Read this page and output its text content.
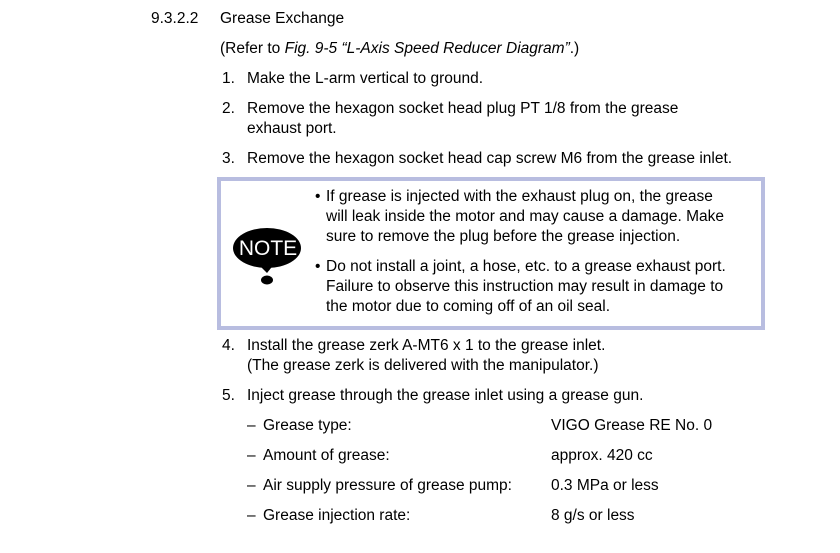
9.3.2.2 Grease Exchange
(Refer to Fig. 9-5 “L-Axis Speed Reducer Diagram”.)
1. Make the L-arm vertical to ground.
2. Remove the hexagon socket head plug PT 1/8 from the grease
exhaust port.
3. Remove the hexagon socket head cap screw M6 from the grease inlet.
NOTE
• If grease is injected with the exhaust plug on, the grease
will leak inside the motor and may cause a damage. Make
sure to remove the plug before the grease injection.
• Do not install a joint, a hose, etc. to a grease exhaust port.
Failure to observe this instruction may result in damage to
the motor due to coming off of an oil seal.
4. Install the grease zerk A-MT6 x 1 to the grease inlet.
(The grease zerk is delivered with the manipulator.)
5. Inject grease through the grease inlet using a grease gun.
– Grease type:	VIGO Grease RE No. 0
– Amount of grease:	approx. 420 cc
– Air supply pressure of grease pump:	0.3 MPa or less
– Grease injection rate:	8 g/s or less
